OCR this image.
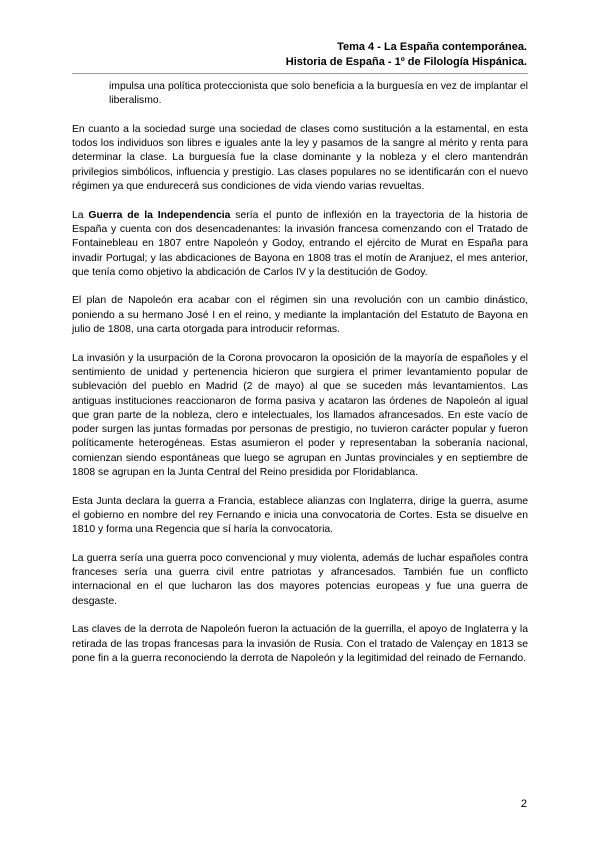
Tema 4 - La España contemporánea.
Historia de España - 1º de Filología Hispánica.

impulsa una política proteccionista que solo beneficia a la burguesía en vez de implantar el liberalismo.

En cuanto a la sociedad surge una sociedad de clases como sustitución a la estamental, en esta todos los individuos son libres e iguales ante la ley y pasamos de la sangre al mérito y renta para determinar la clase. La burguesía fue la clase dominante y la nobleza y el clero mantendrán privilegios simbólicos, influencia y prestigio. Las clases populares no se identificarán con el nuevo régimen ya que endurecerá sus condiciones de vida viendo varias revueltas.

La Guerra de la Independencia sería el punto de inflexión en la trayectoria de la historia de España y cuenta con dos desencadenantes: la invasión francesa comenzando con el Tratado de Fontainebleau en 1807 entre Napoleón y Godoy, entrando el ejército de Murat en España para invadir Portugal; y las abdicaciones de Bayona en 1808 tras el motín de Aranjuez, el mes anterior, que tenía como objetivo la abdicación de Carlos IV y la destitución de Godoy.

El plan de Napoleón era acabar con el régimen sin una revolución con un cambio dinástico, poniendo a su hermano José I en el reino, y mediante la implantación del Estatuto de Bayona en julio de 1808, una carta otorgada para introducir reformas.

La invasión y la usurpación de la Corona provocaron la oposición de la mayoría de españoles y el sentimiento de unidad y pertenencia hicieron que surgiera el primer levantamiento popular de sublevación del pueblo en Madrid (2 de mayo) al que se suceden más levantamientos. Las antiguas instituciones reaccionaron de forma pasiva y acataron las órdenes de Napoleón al igual que gran parte de la nobleza, clero e intelectuales, los llamados afrancesados. En este vacío de poder surgen las juntas formadas por personas de prestigio, no tuvieron carácter popular y fueron políticamente heterogéneas. Estas asumieron el poder y representaban la soberanía nacional, comienzan siendo espontáneas que luego se agrupan en Juntas provinciales y en septiembre de 1808 se agrupan en la Junta Central del Reino presidida por Floridablanca.

Esta Junta declara la guerra a Francia, establece alianzas con Inglaterra, dirige la guerra, asume el gobierno en nombre del rey Fernando e inicia una convocatoria de Cortes. Esta se disuelve en 1810 y forma una Regencia que sí haría la convocatoria.

La guerra sería una guerra poco convencional y muy violenta, además de luchar españoles contra franceses sería una guerra civil entre patriotas y afrancesados. También fue un conflicto internacional en el que lucharon las dos mayores potencias europeas y fue una guerra de desgaste.

Las claves de la derrota de Napoleón fueron la actuación de la guerrilla, el apoyo de Inglaterra y la retirada de las tropas francesas para la invasión de Rusia. Con el tratado de Valençay en 1813 se pone fin a la guerra reconociendo la derrota de Napoleón y la legitimidad del reinado de Fernando.

2
